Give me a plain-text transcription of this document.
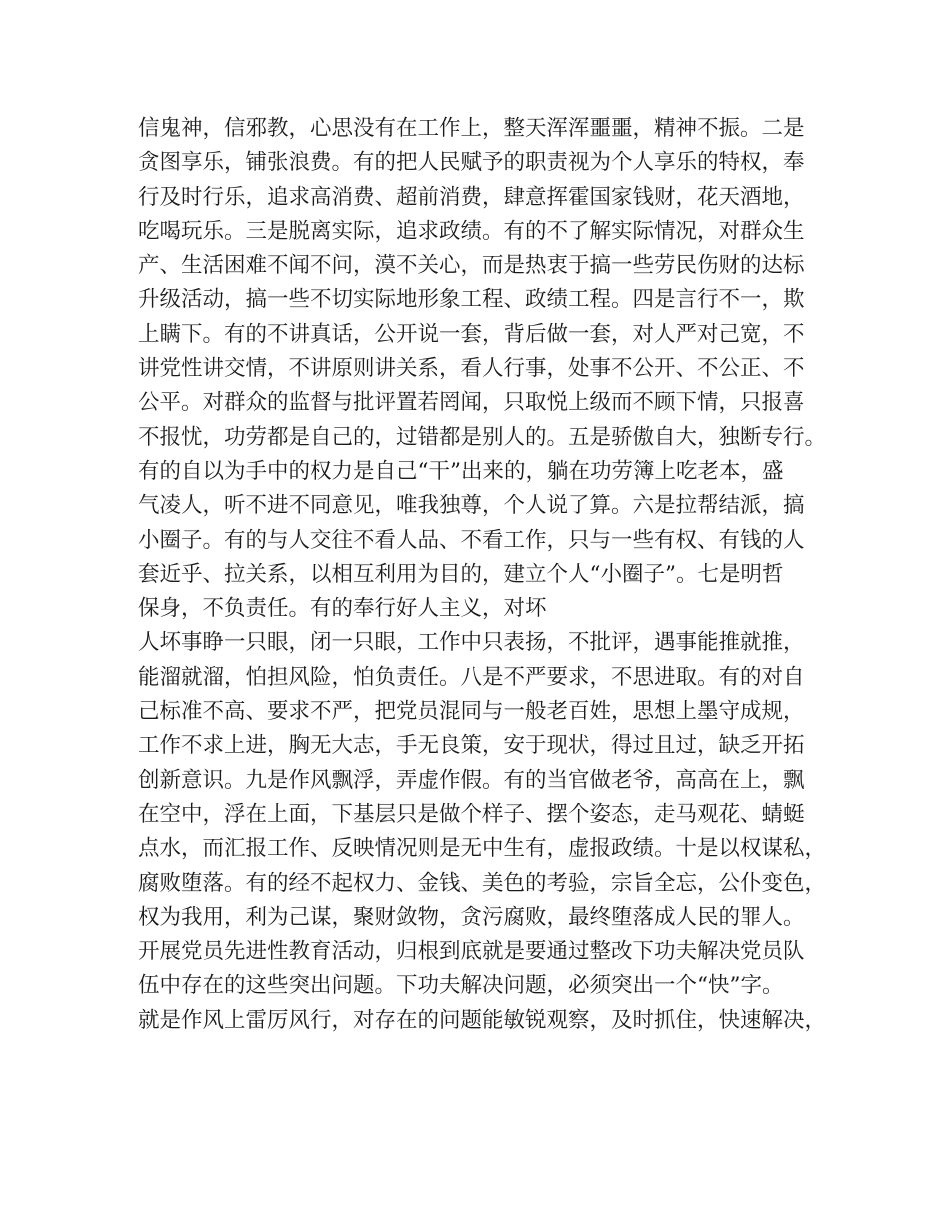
信鬼神，信邪教，心思没有在工作上，整天浑浑噩噩，精神不振。二是
贪图享乐，铺张浪费。有的把人民赋予的职责视为个人享乐的特权，奉
行及时行乐，追求高消费、超前消费，肆意挥霍国家钱财，花天酒地，
吃喝玩乐。三是脱离实际，追求政绩。有的不了解实际情况，对群众生
产、生活困难不闻不问，漠不关心，而是热衷于搞一些劳民伤财的达标
升级活动，搞一些不切实际地形象工程、政绩工程。四是言行不一，欺
上瞒下。有的不讲真话，公开说一套，背后做一套，对人严对己宽，不
讲党性讲交情，不讲原则讲关系，看人行事，处事不公开、不公正、不
公平。对群众的监督与批评置若罔闻，只取悦上级而不顾下情，只报喜
不报忧，功劳都是自己的，过错都是别人的。五是骄傲自大，独断专行。
有的自以为手中的权力是自己“干”出来的，躺在功劳簿上吃老本，盛
气凌人，听不进不同意见，唯我独尊，个人说了算。六是拉帮结派，搞
小圈子。有的与人交往不看人品、不看工作，只与一些有权、有钱的人
套近乎、拉关系，以相互利用为目的，建立个人“小圈子”。七是明哲
保身，不负责任。有的奉行好人主义，对坏
人坏事睁一只眼，闭一只眼，工作中只表扬，不批评，遇事能推就推，
能溜就溜，怕担风险，怕负责任。八是不严要求，不思进取。有的对自
己标准不高、要求不严，把党员混同与一般老百姓，思想上墨守成规，
工作不求上进，胸无大志，手无良策，安于现状，得过且过，缺乏开拓
创新意识。九是作风飘浮，弄虚作假。有的当官做老爷，高高在上，飘
在空中，浮在上面，下基层只是做个样子、摆个姿态，走马观花、蜻蜓
点水，而汇报工作、反映情况则是无中生有，虚报政绩。十是以权谋私，
腐败堕落。有的经不起权力、金钱、美色的考验，宗旨全忘，公仆变色，
权为我用，利为己谋，聚财敛物，贪污腐败，最终堕落成人民的罪人。
开展党员先进性教育活动，归根到底就是要通过整改下功夫解决党员队
伍中存在的这些突出问题。下功夫解决问题，必须突出一个“快”字。
就是作风上雷厉风行，对存在的问题能敏锐观察，及时抓住，快速解决，
